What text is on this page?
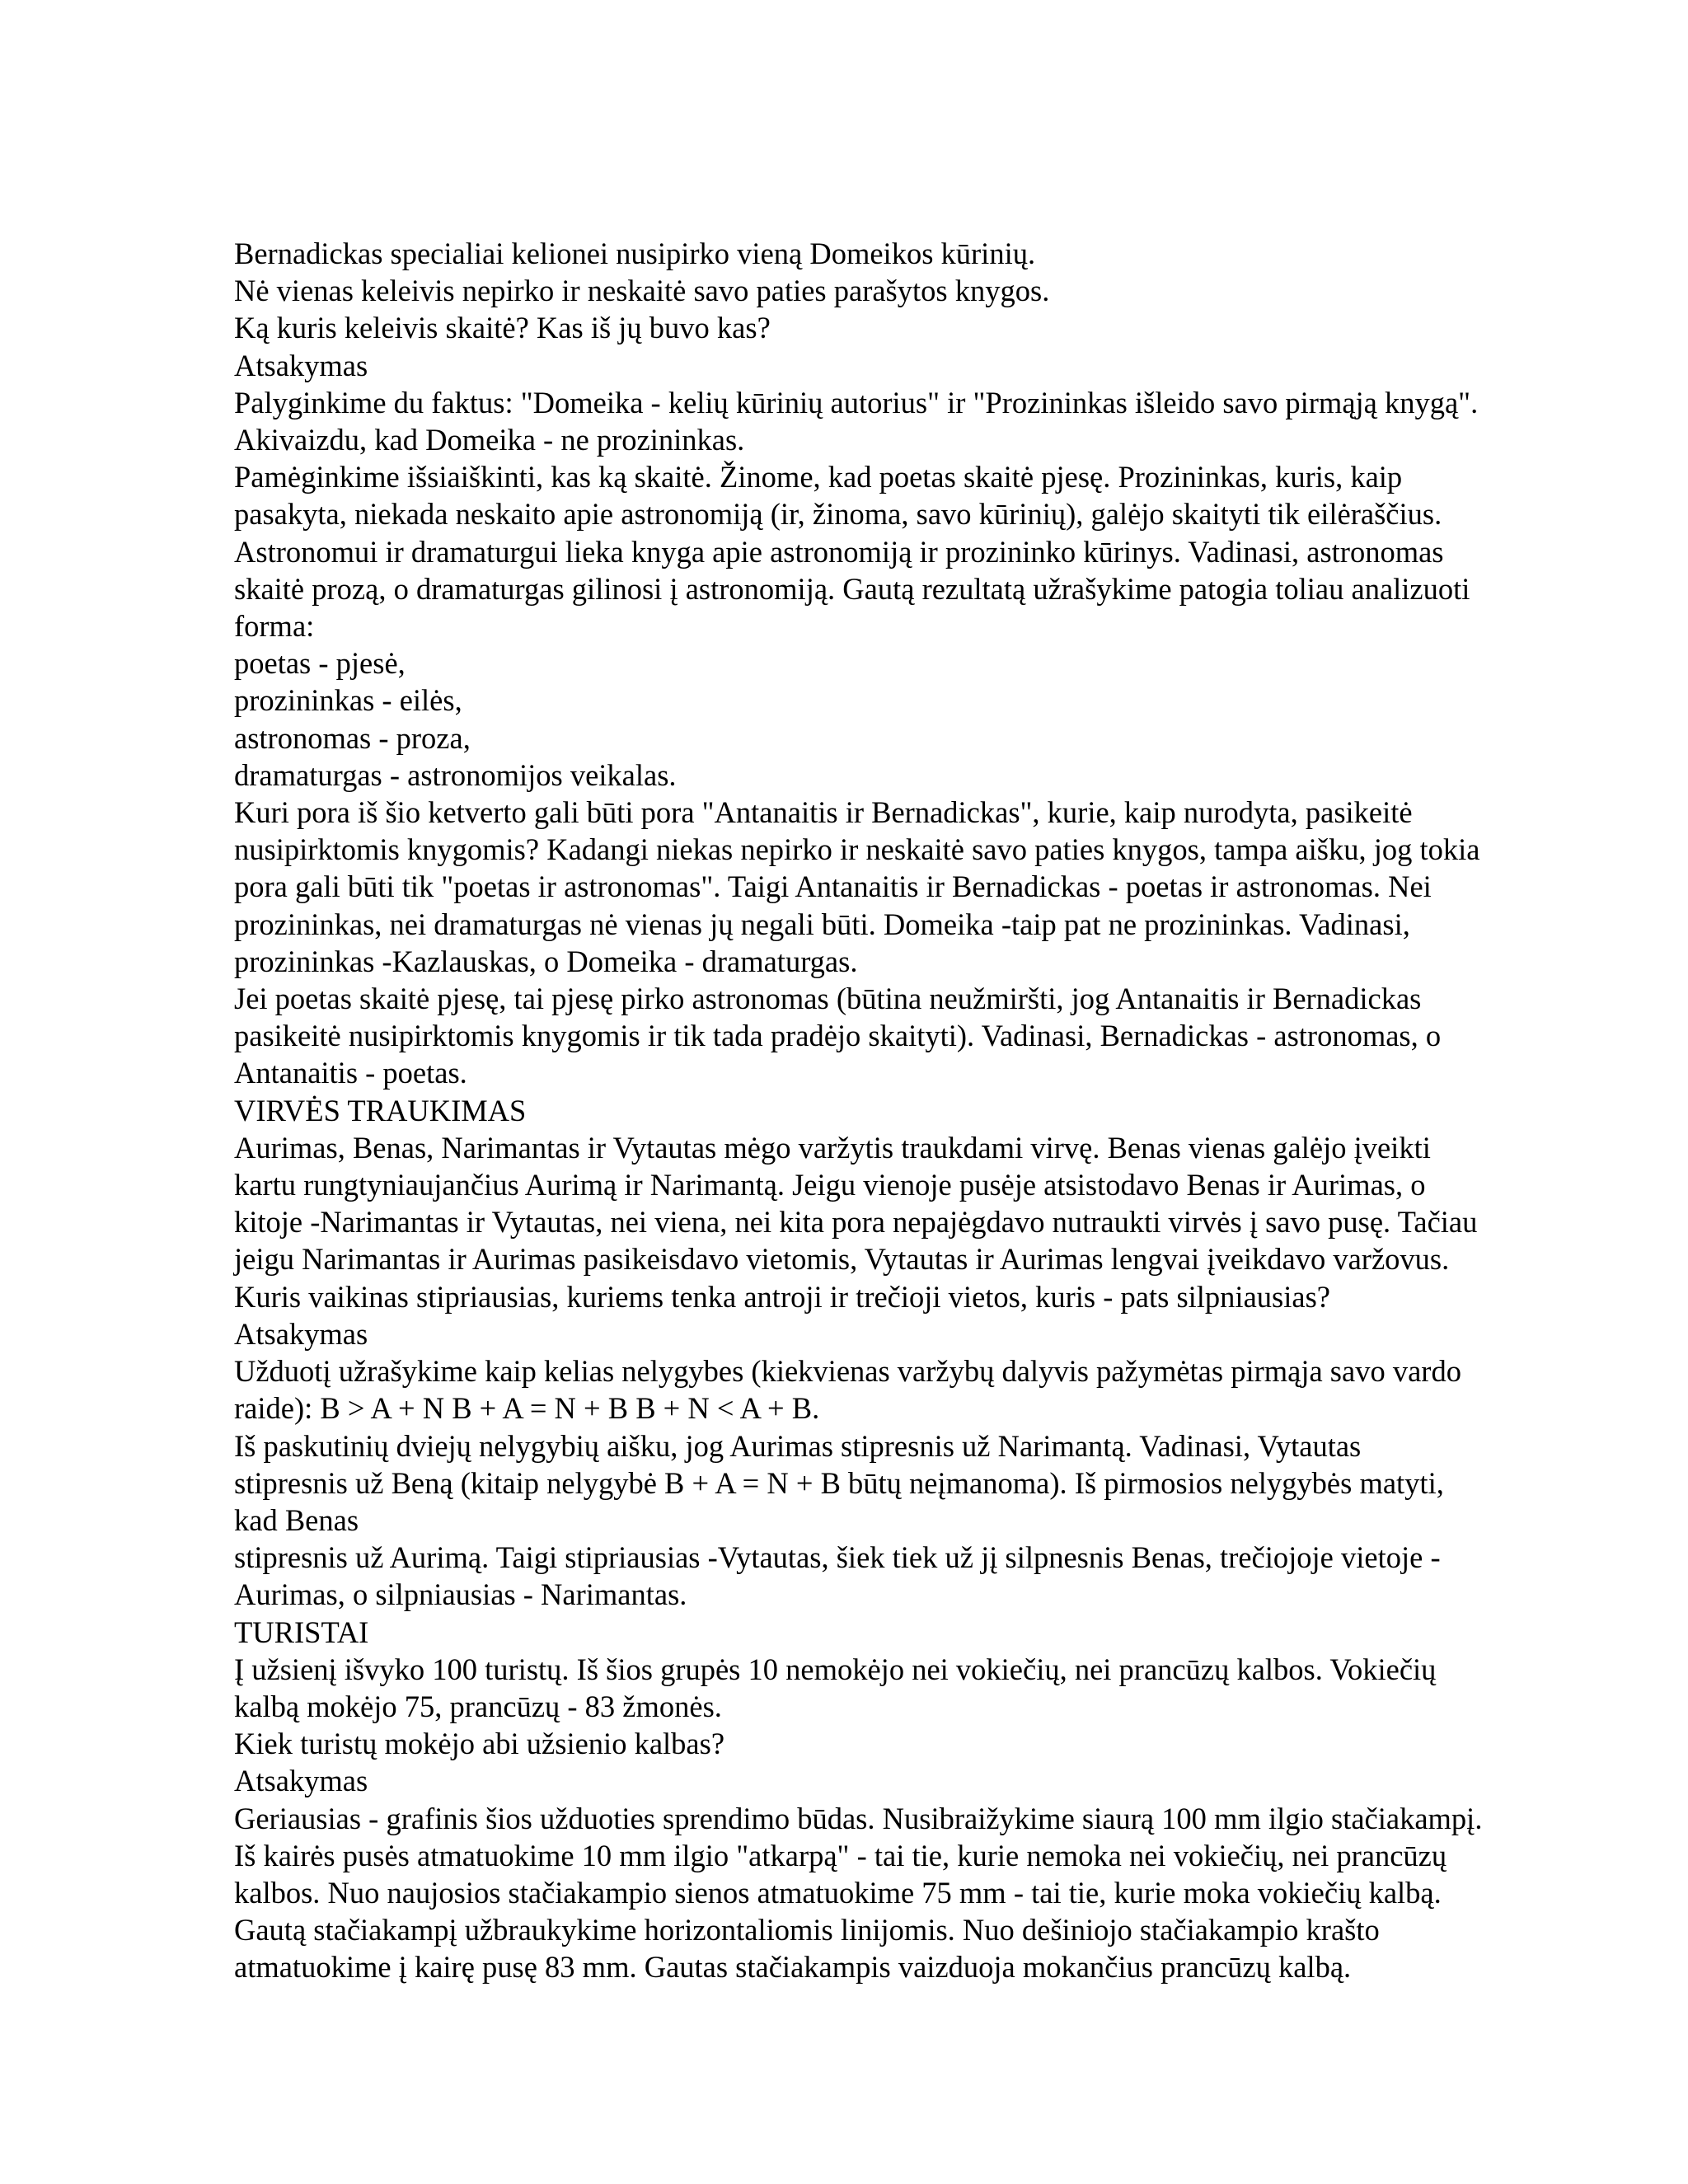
Bernadickas specialiai kelionei nusipirko vieną Domeikos kūrinių.

Nė vienas keleivis nepirko ir neskaitė savo paties parašytos knygos.

Ką kuris keleivis skaitė? Kas iš jų buvo kas?

Atsakymas

Palyginkime du faktus: "Domeika - kelių kūrinių autorius" ir "Prozininkas išleido savo pirmąją knygą".

Akivaizdu, kad Domeika - ne prozininkas.

Pamėginkime išsiaiškinti, kas ką skaitė. Žinome, kad poetas skaitė pjesę. Prozininkas, kuris, kaip

pasakyta, niekada neskaito apie astronomiją (ir, žinoma, savo kūrinių), galėjo skaityti tik eilėraščius.

Astronomui ir dramaturgui lieka knyga apie astronomiją ir prozininko kūrinys. Vadinasi, astronomas

skaitė prozą, o dramaturgas gilinosi į astronomiją. Gautą rezultatą užrašykime patogia toliau analizuoti

forma:

poetas - pjesė,

prozininkas - eilės,

astronomas - proza,

dramaturgas - astronomijos veikalas.

Kuri pora iš šio ketverto gali būti pora "Antanaitis ir Bernadickas", kurie, kaip nurodyta, pasikeitė

nusipirktomis knygomis? Kadangi niekas nepirko ir neskaitė savo paties knygos, tampa aišku, jog tokia

pora gali būti tik "poetas ir astronomas". Taigi Antanaitis ir Bernadickas - poetas ir astronomas. Nei

prozininkas, nei dramaturgas nė vienas jų negali būti. Domeika -taip pat ne prozininkas. Vadinasi,

prozininkas -Kazlauskas, o Domeika - dramaturgas.

Jei poetas skaitė pjesę, tai pjesę pirko astronomas (būtina neužmiršti, jog Antanaitis ir Bernadickas

pasikeitė nusipirktomis knygomis ir tik tada pradėjo skaityti). Vadinasi, Bernadickas - astronomas, o

Antanaitis - poetas.

VIRVĖS TRAUKIMAS

Aurimas, Benas, Narimantas ir Vytautas mėgo varžytis traukdami virvę. Benas vienas galėjo įveikti

kartu rungtyniaujančius Aurimą ir Narimantą. Jeigu vienoje pusėje atsistodavo Benas ir Aurimas, o

kitoje -Narimantas ir Vytautas, nei viena, nei kita pora nepajėgdavo nutraukti virvės į savo pusę. Tačiau

jeigu Narimantas ir Aurimas pasikeisdavo vietomis, Vytautas ir Aurimas lengvai įveikdavo varžovus.

Kuris vaikinas stipriausias, kuriems tenka antroji ir trečioji vietos, kuris - pats silpniausias?

Atsakymas

Užduotį užrašykime kaip kelias nelygybes (kiekvienas varžybų dalyvis pažymėtas pirmąja savo vardo

raide): B > A + N B + A = N + B B + N < A + B.

Iš paskutinių dviejų nelygybių aišku, jog Aurimas stipresnis už Narimantą. Vadinasi, Vytautas

stipresnis už Beną (kitaip nelygybė B + A = N + B būtų neįmanoma). Iš pirmosios nelygybės matyti,

kad Benas

stipresnis už Aurimą. Taigi stipriausias -Vytautas, šiek tiek už jį silpnesnis Benas, trečiojoje vietoje -

Aurimas, o silpniausias - Narimantas.

TURISTAI

Į užsienį išvyko 100 turistų. Iš šios grupės 10 nemokėjo nei vokiečių, nei prancūzų kalbos. Vokiečių

kalbą mokėjo 75, prancūzų - 83 žmonės.

Kiek turistų mokėjo abi užsienio kalbas?

Atsakymas

Geriausias - grafinis šios užduoties sprendimo būdas. Nusibraižykime siaurą 100 mm ilgio stačiakampį.

Iš kairės pusės atmatuokime 10 mm ilgio "atkarpą" - tai tie, kurie nemoka nei vokiečių, nei prancūzų

kalbos. Nuo naujosios stačiakampio sienos atmatuokime 75 mm - tai tie, kurie moka vokiečių kalbą.

Gautą stačiakampį užbraukykime horizontaliomis linijomis. Nuo dešiniojo stačiakampio krašto

atmatuokime į kairę pusę 83 mm. Gautas stačiakampis vaizduoja mokančius prancūzų kalbą.
